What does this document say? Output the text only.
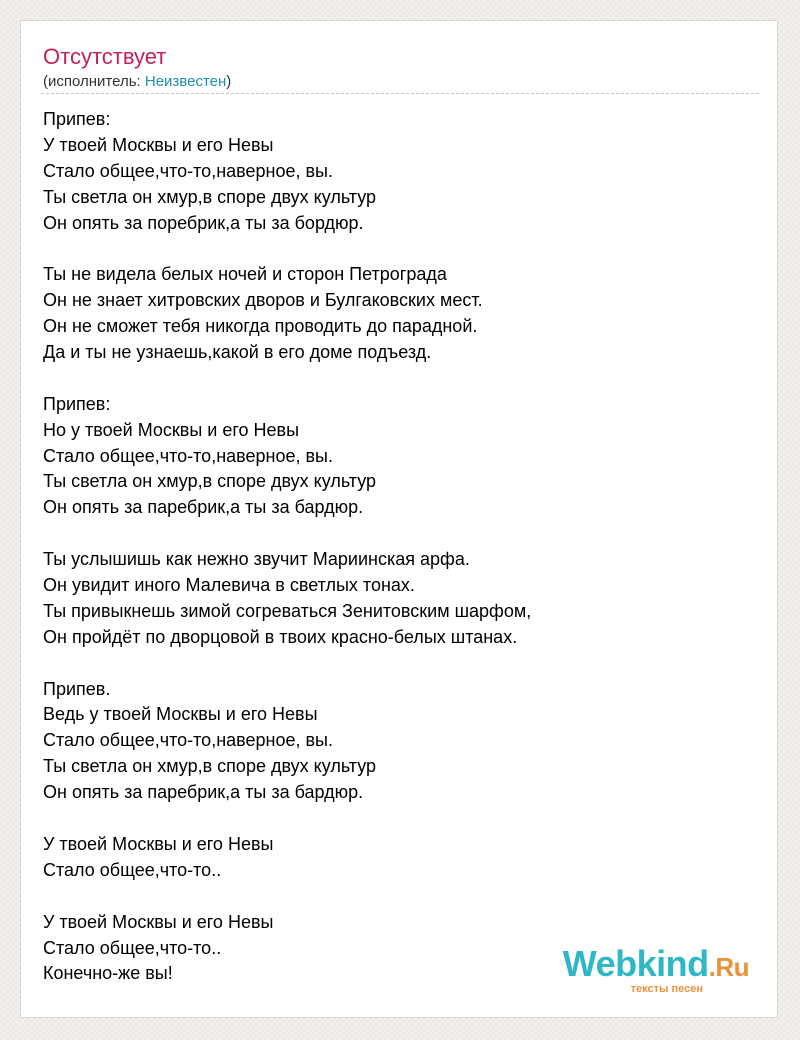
Отсутствует
(исполнитель: Неизвестен)
Припев:
У твоей Москвы и его Невы
Стало общее,что-то,наверное, вы.
Ты светла он хмур,в споре двух культур
Он опять за поребрик,а ты за бордюр.
Ты не видела белых ночей и сторон Петрограда
Он не знает хитровских дворов и Булгаковских мест.
Он не сможет тебя никогда проводить до парадной.
Да и ты не узнаешь,какой в его доме подъезд.
Припев:
Но у твоей Москвы и его Невы
Стало общее,что-то,наверное, вы.
Ты светла он хмур,в споре двух культур
Он опять за паребрик,а ты за бардюр.
Ты услышишь как нежно звучит Мариинская арфа.
Он увидит иного Малевича в светлых тонах.
Ты привыкнешь зимой согреваться Зенитовским шарфом,
Он пройдёт по дворцовой в твоих красно-белых штанах.
Припев.
Ведь у твоей Москвы и его Невы
Стало общее,что-то,наверное, вы.
Ты светла он хмур,в споре двух культур
Он опять за паребрик,а ты за бардюр.
У твоей Москвы и его Невы
Стало общее,что-то..
У твоей Москвы и его Невы
Стало общее,что-то..
Конечно-же вы!	Webkind.Ru
тексты песен
